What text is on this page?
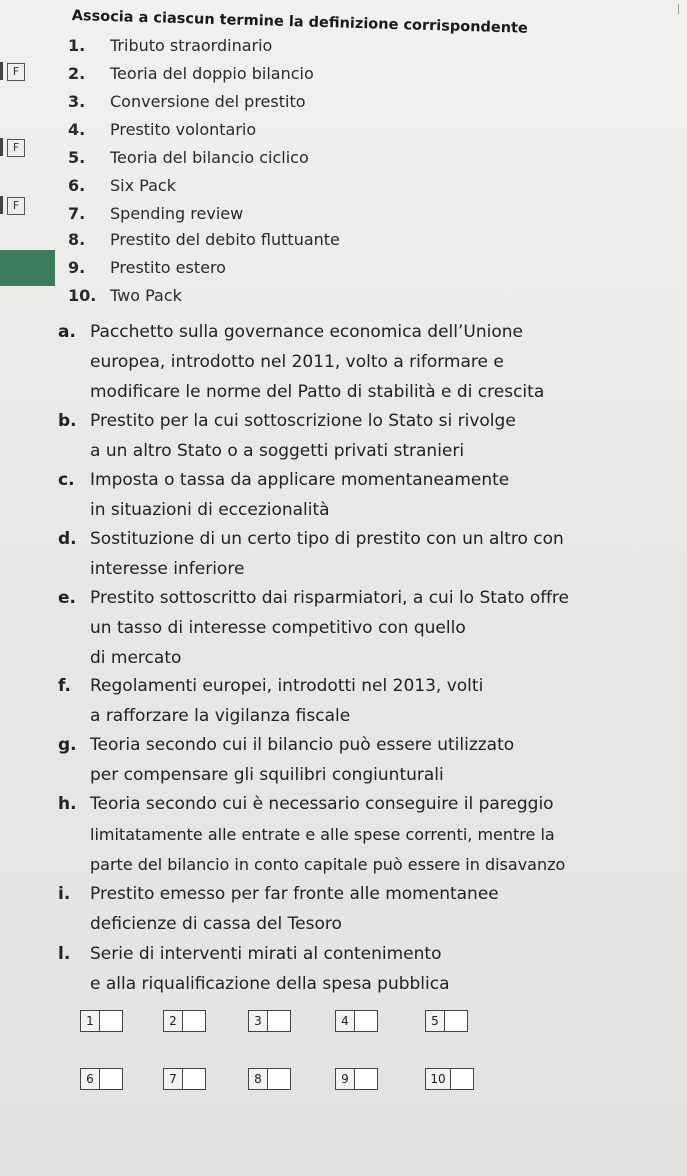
F
F
F
Associa a ciascun termine la definizione corrispondente
1. Tributo straordinario
2. Teoria del doppio bilancio
3. Conversione del prestito
4. Prestito volontario
5. Teoria del bilancio ciclico
6. Six Pack
7. Spending review
8. Prestito del debito fluttuante
9. Prestito estero
10. Two Pack
a. Pacchetto sulla governance economica dell’Unione
europea, introdotto nel 2011, volto a riformare e
modificare le norme del Patto di stabilità e di crescita
b. Prestito per la cui sottoscrizione lo Stato si rivolge
a un altro Stato o a soggetti privati stranieri
c. Imposta o tassa da applicare momentaneamente
in situazioni di eccezionalità
d. Sostituzione di un certo tipo di prestito con un altro con
interesse inferiore
e. Prestito sottoscritto dai risparmiatori, a cui lo Stato offre
un tasso di interesse competitivo con quello
di mercato
f. Regolamenti europei, introdotti nel 2013, volti
a rafforzare la vigilanza fiscale
g. Teoria secondo cui il bilancio può essere utilizzato
per compensare gli squilibri congiunturali
h. Teoria secondo cui è necessario conseguire il pareggio
limitatamente alle entrate e alle spese correnti, mentre la
parte del bilancio in conto capitale può essere in disavanzo
i. Prestito emesso per far fronte alle momentanee
deficienze di cassa del Tesoro
l. Serie di interventi mirati al contenimento
e alla riqualificazione della spesa pubblica
1	2	3	4	5
6	7	8	9	10
